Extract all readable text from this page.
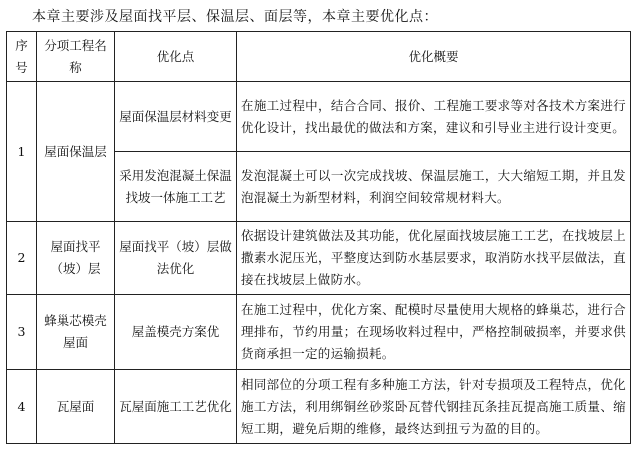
本章主要涉及屋面找平层、保温层、面层等，本章主要优化点：
序号	分项工程名称	优化点	优化概要
1	屋面保温层	屋面保温层材料变更	在施工过程中，结合合同、报价、工程施工要求等对各技术方案进行优化设计，找出最优的做法和方案，建议和引导业主进行设计变更。
		采用发泡混凝土保温找坡一体施工工艺	发泡混凝土可以一次完成找坡、保温层施工，大大缩短工期，并且发泡混凝土为新型材料，利润空间较常规材料大。
2	屋面找平（坡）层	屋面找平（坡）层做法优化	依据设计建筑做法及其功能，优化屋面找坡层施工工艺，在找坡层上撒素水泥压光，平整度达到防水基层要求，取消防水找平层做法，直接在找坡层上做防水。
3	蜂巢芯模壳屋面	屋盖模壳方案优	在施工过程中，优化方案、配模时尽量使用大规格的蜂巢芯，进行合理排布，节约用量；在现场收料过程中，严格控制破损率，并要求供货商承担一定的运输损耗。
4	瓦屋面	瓦屋面施工工艺优化	相同部位的分项工程有多种施工方法，针对专损项及工程特点，优化施工方法，利用绑铜丝砂浆卧瓦替代钢挂瓦条挂瓦提高施工质量、缩短工期，避免后期的维修，最终达到扭亏为盈的目的。
